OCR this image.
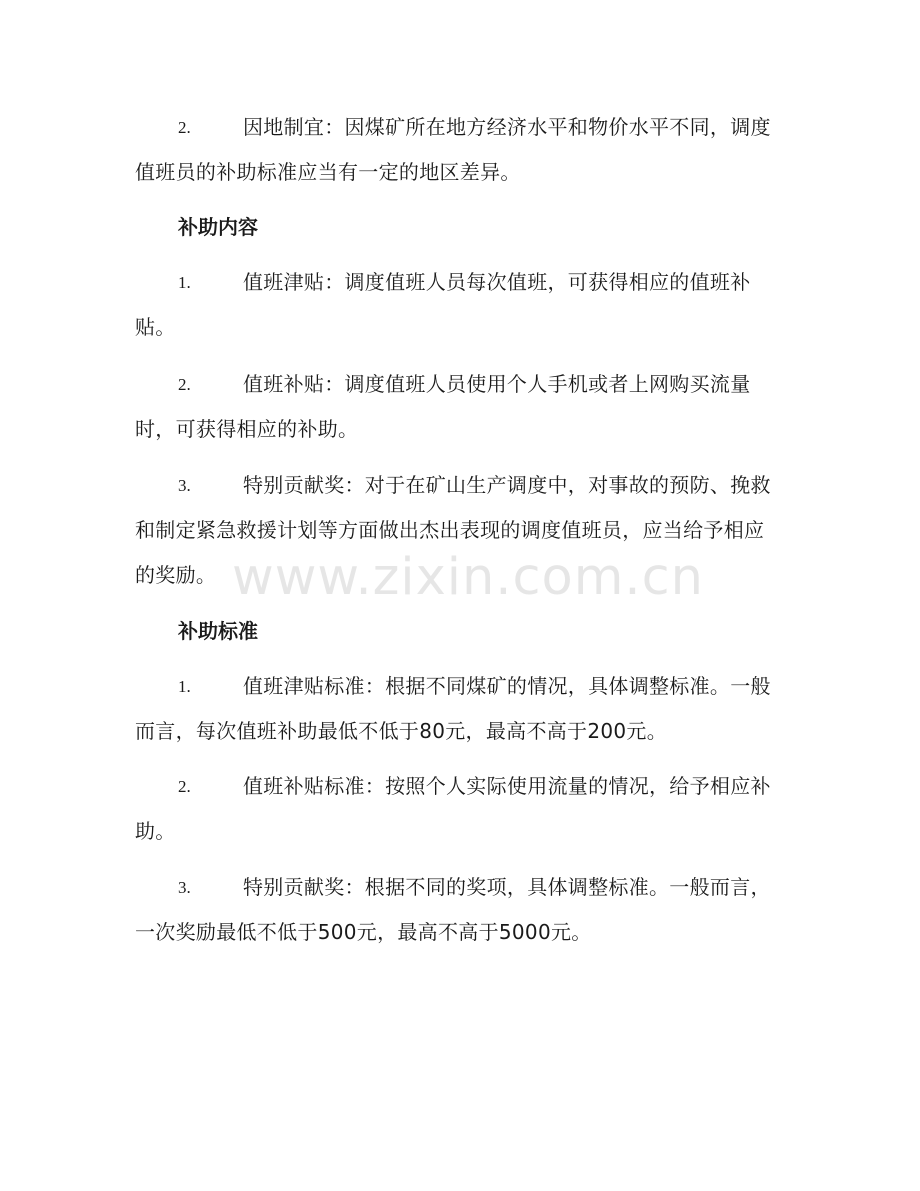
2.	因地制宜：因煤矿所在地方经济水平和物价水平不同，调度值班员的补助标准应当有一定的地区差异。
补助内容
1.	值班津贴：调度值班人员每次值班，可获得相应的值班补贴。
2.	值班补贴：调度值班人员使用个人手机或者上网购买流量时，可获得相应的补助。
3.	特别贡献奖：对于在矿山生产调度中，对事故的预防、挽救和制定紧急救援计划等方面做出杰出表现的调度值班员，应当给予相应的奖励。
补助标准
1.	值班津贴标准：根据不同煤矿的情况，具体调整标准。一般而言，每次值班补助最低不低于80元，最高不高于200元。
2.	值班补贴标准：按照个人实际使用流量的情况，给予相应补助。
3.	特别贡献奖：根据不同的奖项，具体调整标准。一般而言，一次奖励最低不低于500元，最高不高于5000元。
www.zixin.com.cn
